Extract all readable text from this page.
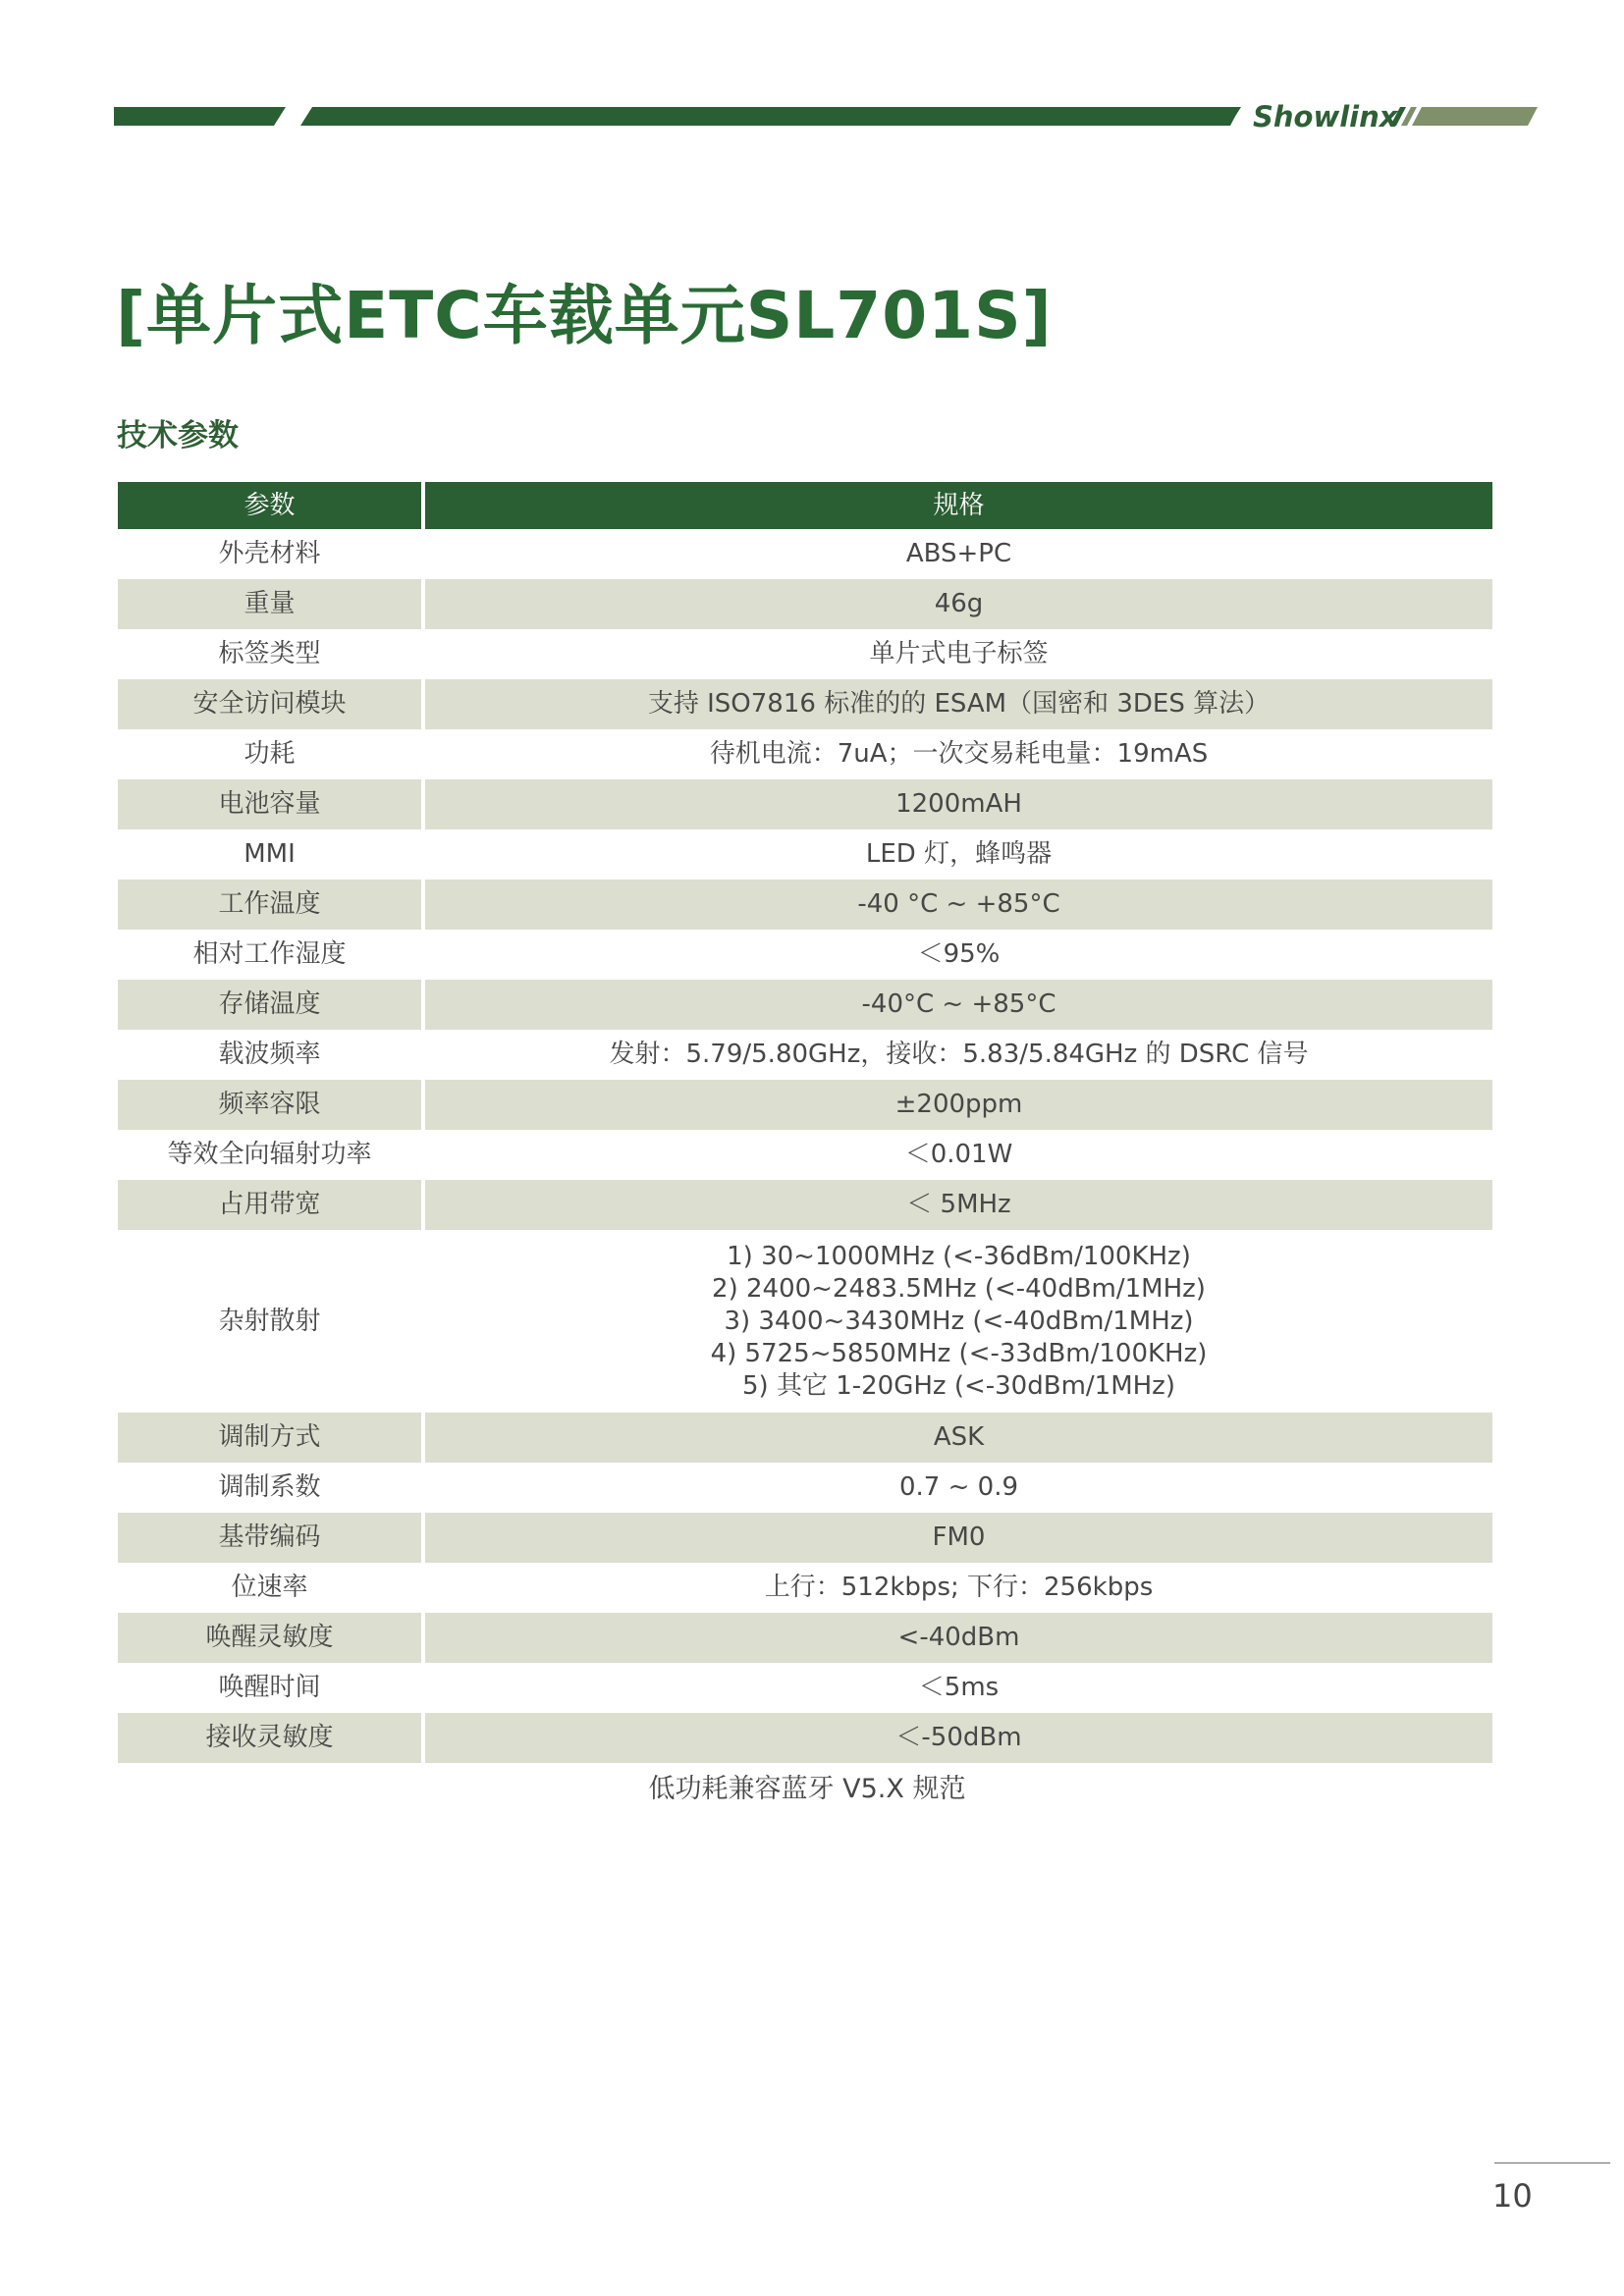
Showlinx
[单片式ETC车载单元SL701S]
技术参数
参数	规格
外壳材料	ABS+PC
重量	46g
标签类型	单片式电子标签
安全访问模块	支持 ISO7816 标准的的 ESAM（国密和 3DES 算法）
功耗	待机电流：7uA；一次交易耗电量：19mAS
电池容量	1200mAH
MMI	LED 灯，蜂鸣器
工作温度	-40 °C ~ +85°C
相对工作湿度	＜95%
存储温度	-40°C ~ +85°C
载波频率	发射：5.79/5.80GHz，接收：5.83/5.84GHz 的 DSRC 信号
频率容限	±200ppm
等效全向辐射功率	＜0.01W
占用带宽	＜ 5MHz
杂射散射	1) 30~1000MHz (<-36dBm/100KHz)
2) 2400~2483.5MHz (<-40dBm/1MHz)
3) 3400~3430MHz (<-40dBm/1MHz)
4) 5725~5850MHz (<-33dBm/100KHz)
5) 其它 1-20GHz (<-30dBm/1MHz)

调制方式	ASK
调制系数	0.7 ~ 0.9
基带编码	FM0
位速率	上行：512kbps; 下行：256kbps
唤醒灵敏度	<-40dBm
唤醒时间	＜5ms
接收灵敏度	＜-50dBm
低功耗兼容蓝牙 V5.X 规范
10
